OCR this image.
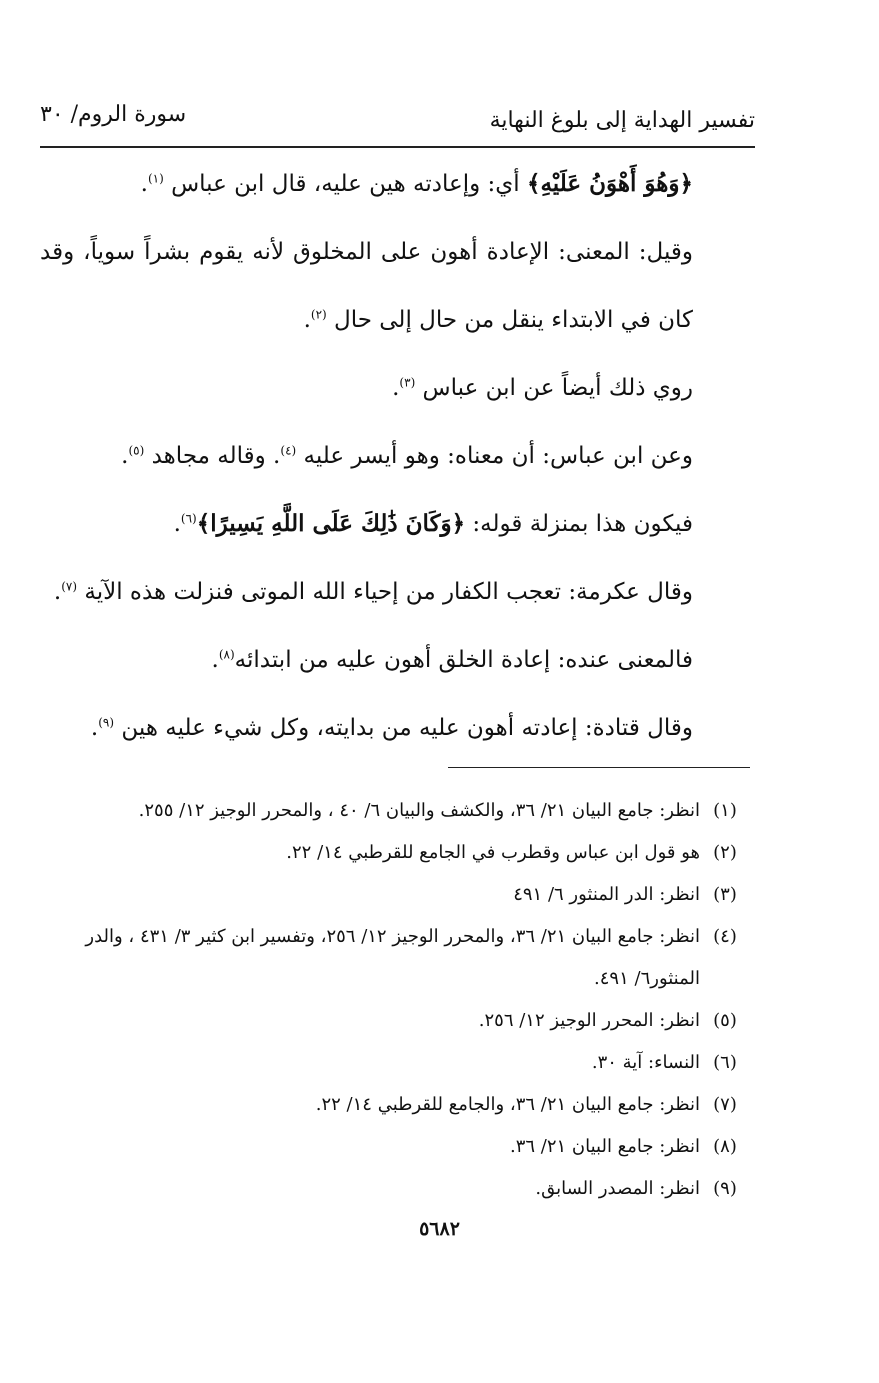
تفسير الهداية إلى بلوغ النهاية
سورة الروم/ ٣٠

﴿وَهُوَ أَهْوَنُ عَلَيْهِ﴾ أي: وإعادته هين عليه، قال ابن عباس $^{(١)}$.

وقيل: المعنى: الإعادة أهون على المخلوق لأنه يقوم بشراً سوياً، وقد كان في الابتداء ينقل من حال إلى حال $^{(٢)}$.

روي ذلك أيضاً عن ابن عباس $^{(٣)}$.

وعن ابن عباس: أن معناه: وهو أيسر عليه $^{(٤)}$. وقاله مجاهد $^{(٥)}$.

فيكون هذا بمنزلة قوله: ﴿وَكَانَ ذَٰلِكَ عَلَى اللَّهِ يَسِيرًا﴾$^{(٦)}$.

وقال عكرمة: تعجب الكفار من إحياء الله الموتى فنزلت هذه الآية $^{(٧)}$.

فالمعنى عنده: إعادة الخلق أهون عليه من ابتدائه$^{(٨)}$.

وقال قتادة: إعادته أهون عليه من بدايته، وكل شيء عليه هين $^{(٩)}$.

(١)
انظر: جامع البيان ٢١/ ٣٦، والكشف والبيان ٦/ ٤٠ ، والمحرر الوجيز ١٢/ ٢٥٥.
(٢)
هو قول ابن عباس وقطرب في الجامع للقرطبي ١٤/ ٢٢.
(٣)
انظر: الدر المنثور ٦/ ٤٩١
(٤)
انظر: جامع البيان ٢١/ ٣٦، والمحرر الوجيز ١٢/ ٢٥٦، وتفسير ابن كثير ٣/ ٤٣١ ، والدر المنثور٦/ ٤٩١.
(٥)
انظر: المحرر الوجيز ١٢/ ٢٥٦.
(٦)
النساء: آية ٣٠.
(٧)
انظر: جامع البيان ٢١/ ٣٦، والجامع للقرطبي ١٤/ ٢٢.
(٨)
انظر: جامع البيان ٢١/ ٣٦.
(٩)
انظر: المصدر السابق.
٥٦٨٢
